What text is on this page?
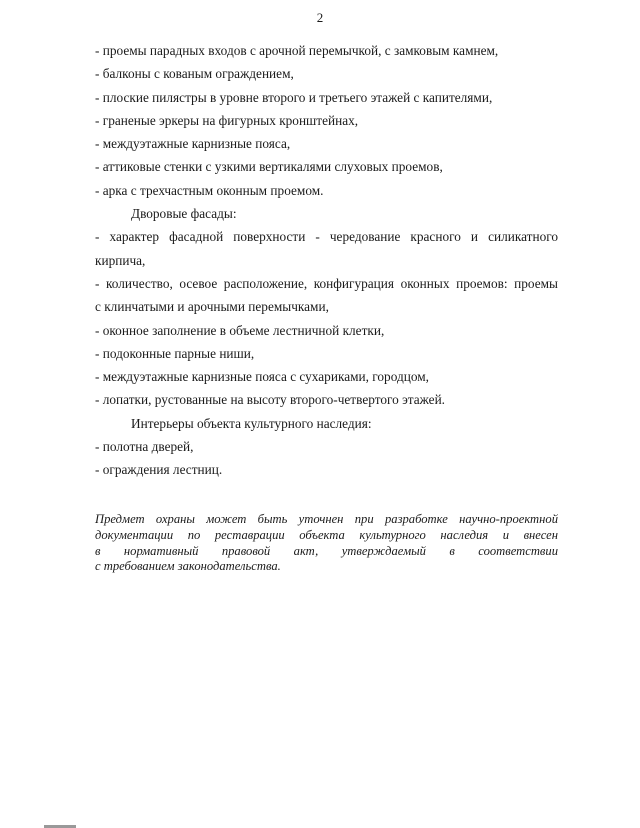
2
- проемы парадных входов с арочной перемычкой, с замковым камнем,
- балконы с кованым ограждением,
- плоские пилястры в уровне второго и третьего этажей с капителями,
- граненые эркеры на фигурных кронштейнах,
- междуэтажные карнизные пояса,
- аттиковые стенки с узкими вертикалями слуховых проемов,
- арка с трехчастным оконным проемом.
Дворовые фасады:
- характер фасадной поверхности - чередование красного и силикатного
кирпича,
- количество, осевое расположение, конфигурация оконных проемов: проемы
с клинчатыми и арочными перемычками,
- оконное заполнение в объеме лестничной клетки,
- подоконные парные ниши,
- междуэтажные карнизные пояса с сухариками, городцом,
- лопатки, рустованные на высоту второго-четвертого этажей.
Интерьеры объекта культурного наследия:
- полотна дверей,
- ограждения лестниц.
Предмет охраны может быть уточнен при разработке научно-проектной
документации по реставрации объекта культурного наследия и внесен
в нормативный правовой акт, утверждаемый в соответствии
с требованием законодательства.
